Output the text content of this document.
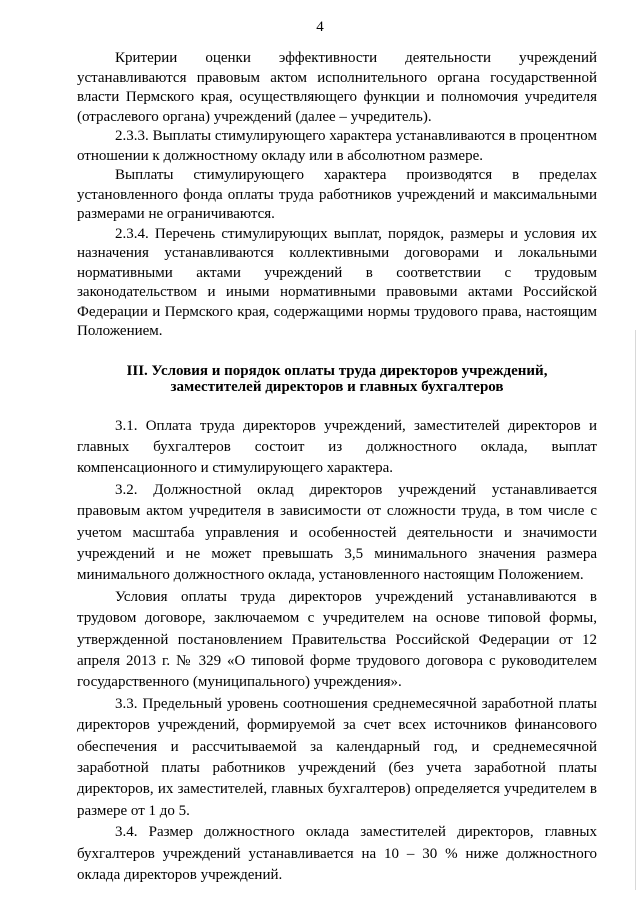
4

Критерии оценки эффективности деятельности учреждений устанавливаются правовым актом исполнительного органа государственной власти Пермского края, осуществляющего функции и полномочия учредителя (отраслевого органа) учреждений (далее – учредитель).

2.3.3. Выплаты стимулирующего характера устанавливаются в процентном отношении к должностному окладу или в абсолютном размере.

Выплаты стимулирующего характера производятся в пределах установленного фонда оплаты труда работников учреждений и максимальными размерами не ограничиваются.

2.3.4. Перечень стимулирующих выплат, порядок, размеры и условия их назначения устанавливаются коллективными договорами и локальными нормативными актами учреждений в соответствии с трудовым законодательством и иными нормативными правовыми актами Российской Федерации и Пермского края, содержащими нормы трудового права, настоящим Положением.

III. Условия и порядок оплаты труда директоров учреждений,
заместителей директоров и главных бухгалтеров

3.1. Оплата труда директоров учреждений, заместителей директоров и главных бухгалтеров состоит из должностного оклада, выплат компенсационного и стимулирующего характера.

3.2. Должностной оклад директоров учреждений устанавливается правовым актом учредителя в зависимости от сложности труда, в том числе с учетом масштаба управления и особенностей деятельности и значимости учреждений и не может превышать 3,5 минимального значения размера минимального должностного оклада, установленного настоящим Положением.

Условия оплаты труда директоров учреждений устанавливаются в трудовом договоре, заключаемом с учредителем на основе типовой формы, утвержденной постановлением Правительства Российской Федерации от 12 апреля 2013 г. № 329 «О типовой форме трудового договора с руководителем государственного (муниципального) учреждения».

3.3. Предельный уровень соотношения среднемесячной заработной платы директоров учреждений, формируемой за счет всех источников финансового обеспечения и рассчитываемой за календарный год, и среднемесячной заработной платы работников учреждений (без учета заработной платы директоров, их заместителей, главных бухгалтеров) определяется учредителем в размере от 1 до 5.

3.4. Размер должностного оклада заместителей директоров, главных бухгалтеров учреждений устанавливается на 10 – 30 % ниже должностного оклада директоров учреждений.
